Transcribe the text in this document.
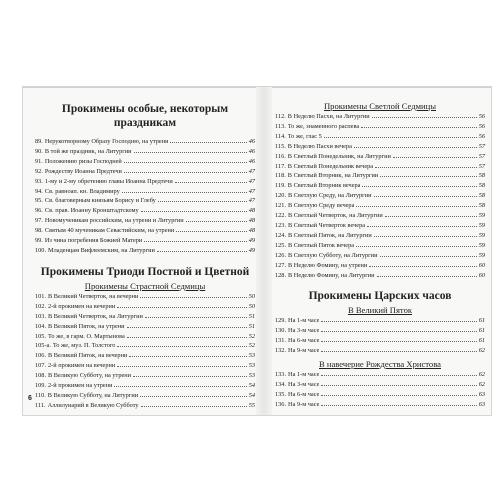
Прокимены особые, некоторым праздникам
89. Нерукотворному Образу Господню, на утрени	46
90. В той же праздник, на Литургии	46
91. Положению ризы Господней	46
92. Рождеству Иоанна Предтечи	47
93. 1-му и 2-му обретению главы Иоанна Предтечи	47
94. Св. равноап. кн. Владимиру	47
95. Св. благоверным князьям Борису и Глебу	47
96. Св. прав. Иоанну Кронштадтскому	48
97. Новомученикам российским, на утрени и Литургии	48
98. Святым 40 мученикам Севастийским, на утрени	48
99. Из чина погребения Божией Матери	49
100. Младенцам Вифлеемским, на Литургии	49
Прокимены Триоди Постной и Цветной
Прокимены Страстной Седмицы
101. В Великий Четверток, на вечерни	50
102. 2-й прокимен на вечерни	50
103. В Великий Четверток, на Литургии	51
104. В Великий Пяток, на утрени	51
105. То же, в гарм. О. Мартынова	52
105-а. То же, муз. П. Толстого	52
106. В Великий Пяток, на вечерни	53
107. 2-й прокимен на вечерни	53
108. В Великую Субботу, на утрени	53
109. 2-й прокимен на утрени	54
110. В Великую Субботу, на Литургии	54
111. Аллилуиарий в Великую Субботу	55
Прокимены Светлой Седмицы
112. В Неделю Пасхи, на Литургии	56
113. То же, знаменного распева	56
114. То же, глас 5	56
115. В Неделю Пасхи вечера	57
116. В Светлый Понедельник, на Литургии	57
117. В Светлый Понедельник вечера	57
118. В Светлый Вторник, на Литургии	58
119. В Светлый Вторник вечера	58
120. В Светлую Среду, на Литургии	58
121. В Светлую Среду вечера	58
122. В Светлый Четверток, на Литургии	59
123. В Светлый Четверток вечера	59
124. В Светлый Пяток, на Литургии	59
125. В Светлый Пяток вечера	59
126. В Светлую Субботу, на Литургии	59
127. В Неделю Фомину, на утрени	60
128. В Неделю Фомину, на Литургии	60
Прокимены Царских часов
В Великий Пяток
129. На 1-м часе	61
130. На 3-м часе	61
131. На 6-м часе	61
132. На 9-м часе	62
В навечерие Рождества Христова
133. На 1-м часе	62
134. На 3-м часе	62
135. На 6-м часе	63
136. На 9-м часе	63
6
